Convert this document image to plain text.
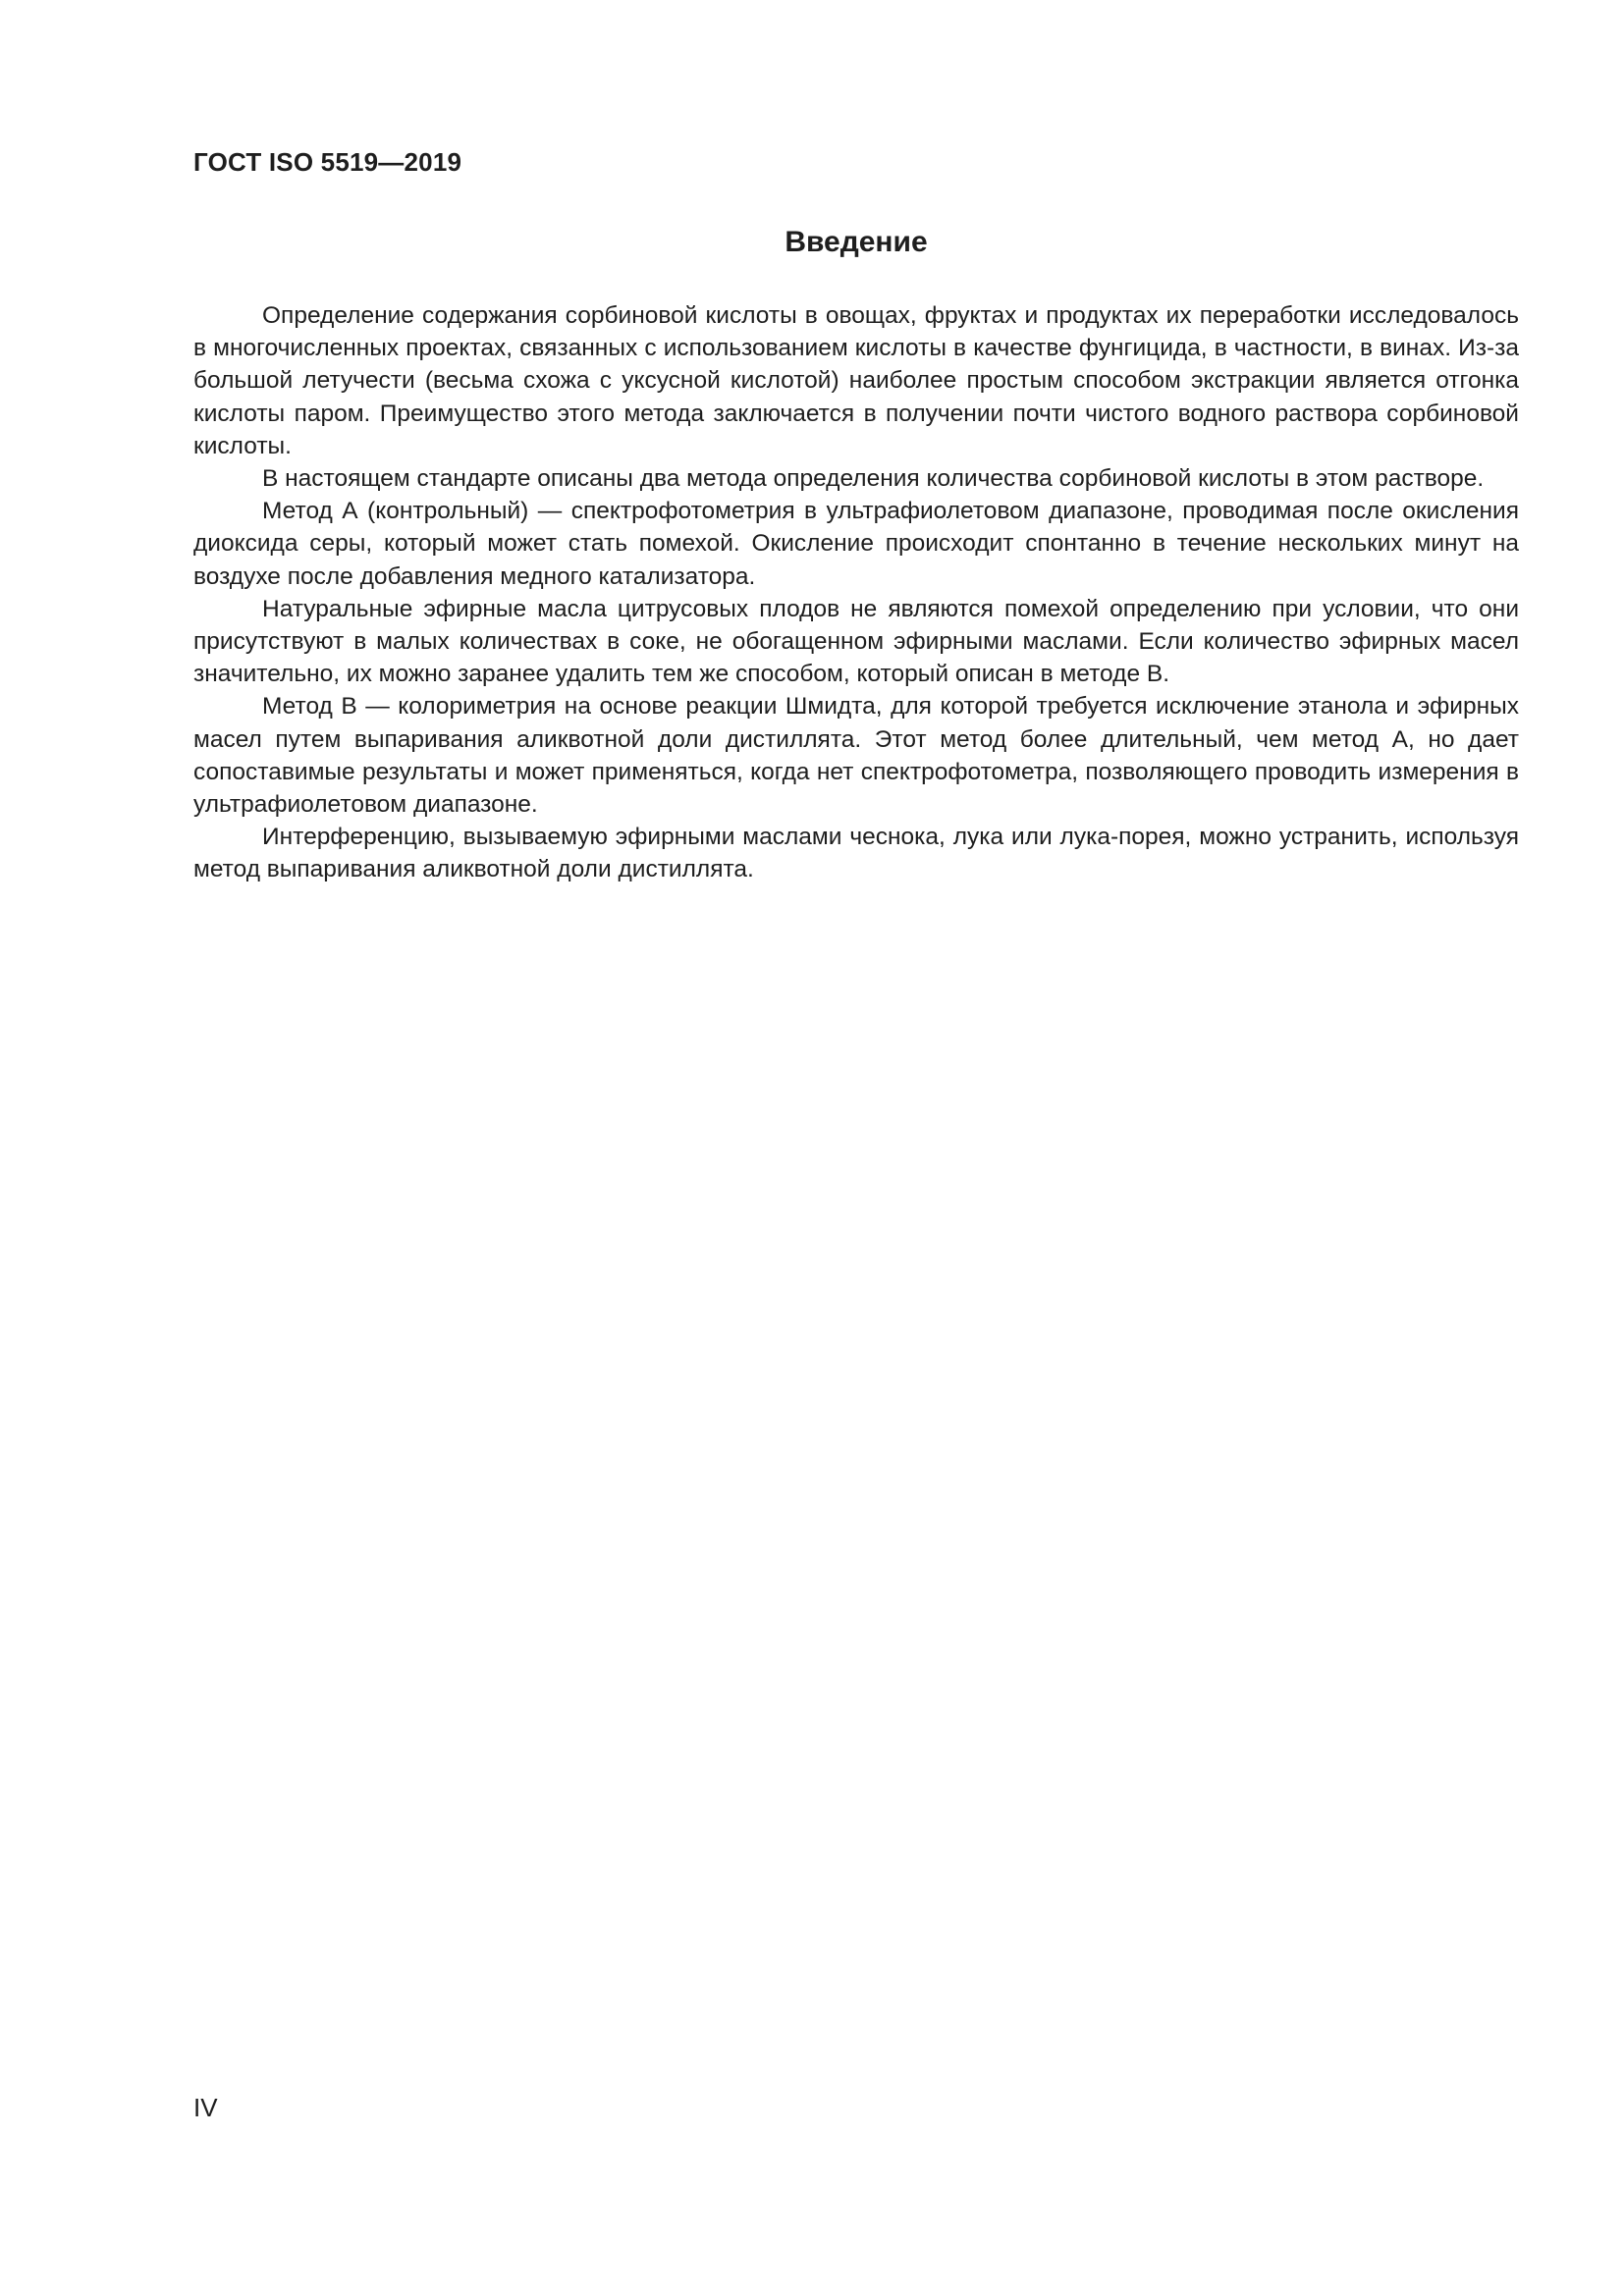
ГОСТ ISO 5519—2019
Введение

Определение содержания сорбиновой кислоты в овощах, фруктах и продуктах их переработки исследовалось в многочисленных проектах, связанных с использованием кислоты в качестве фунгицида, в частности, в винах. Из-за большой летучести (весьма схожа с уксусной кислотой) наиболее простым способом экстракции является отгонка кислоты паром. Преимущество этого метода заключается в получении почти чистого водного раствора сорбиновой кислоты.

В настоящем стандарте описаны два метода определения количества сорбиновой кислоты в этом растворе.

Метод А (контрольный) — спектрофотометрия в ультрафиолетовом диапазоне, проводимая после окисления диоксида серы, который может стать помехой. Окисление происходит спонтанно в течение нескольких минут на воздухе после добавления медного катализатора.

Натуральные эфирные масла цитрусовых плодов не являются помехой определению при условии, что они присутствуют в малых количествах в соке, не обогащенном эфирными маслами. Если количество эфирных масел значительно, их можно заранее удалить тем же способом, который описан в методе В.

Метод В — колориметрия на основе реакции Шмидта, для которой требуется исключение этанола и эфирных масел путем выпаривания аликвотной доли дистиллята. Этот метод более длительный, чем метод А, но дает сопоставимые результаты и может применяться, когда нет спектрофотометра, позволяющего проводить измерения в ультрафиолетовом диапазоне.

Интерференцию, вызываемую эфирными маслами чеснока, лука или лука-порея, можно устранить, используя метод выпаривания аликвотной доли дистиллята.

IV
